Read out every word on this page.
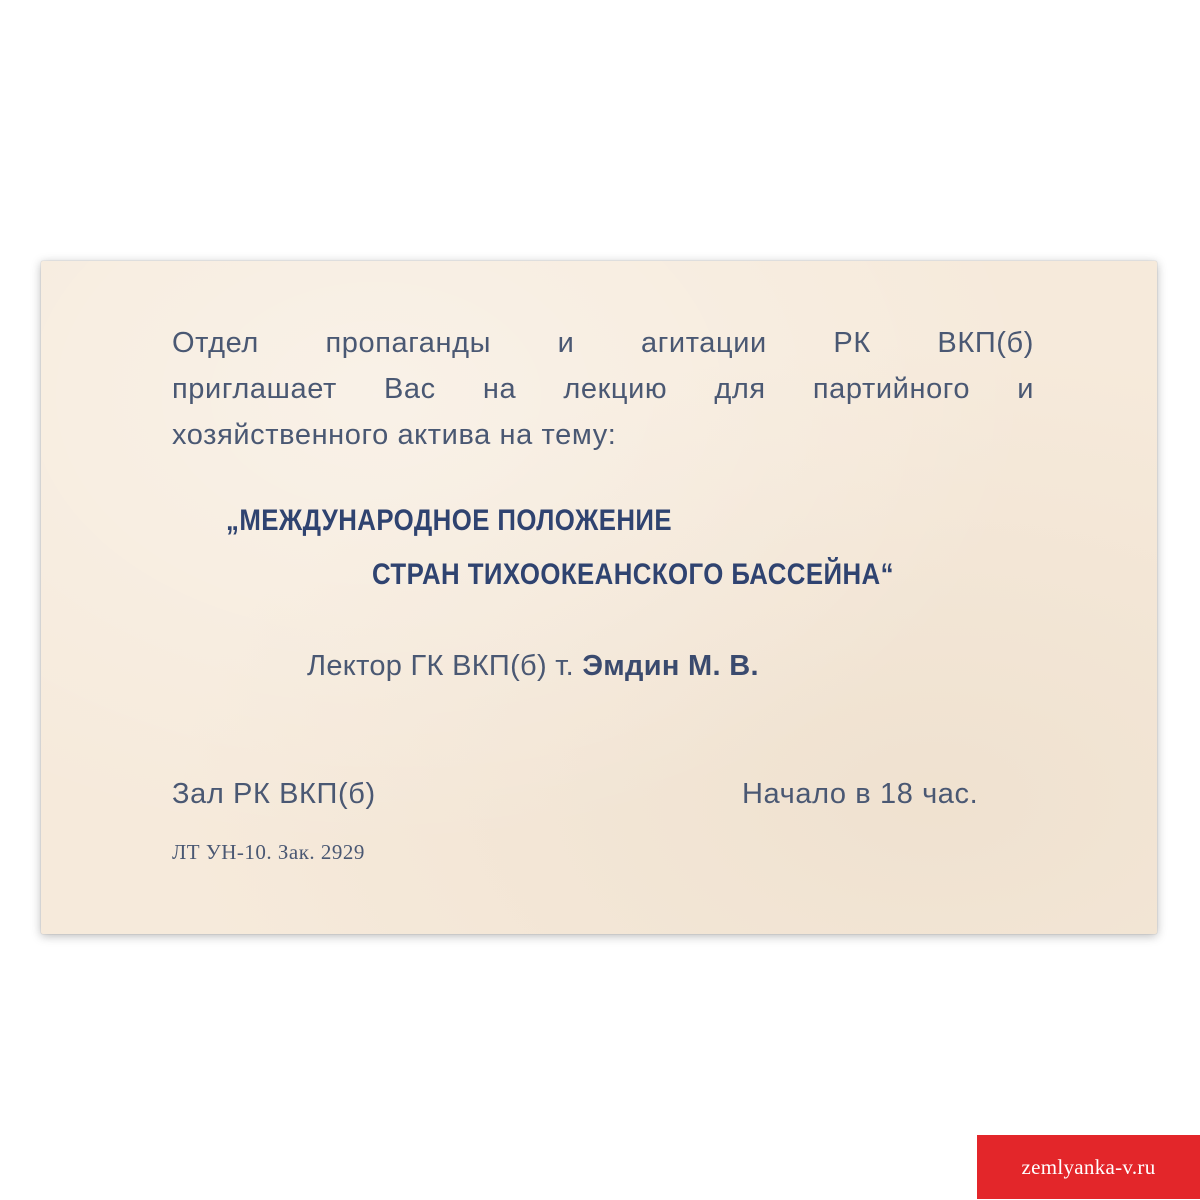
Отдел пропаганды и агитации РК ВКП(б)
приглашает Вас на лекцию для партийного и
хозяйственного актива на тему:
„МЕЖДУНАРОДНОЕ ПОЛОЖЕНИЕ
СТРАН ТИХООКЕАНСКОГО БАССЕЙНА“
Лектор ГК ВКП(б) т. Эмдин М. В.
Зал РК ВКП(б)	Начало в 18 час.
ЛТ УН-10. Зак. 2929
zemlyanka-v.ru
